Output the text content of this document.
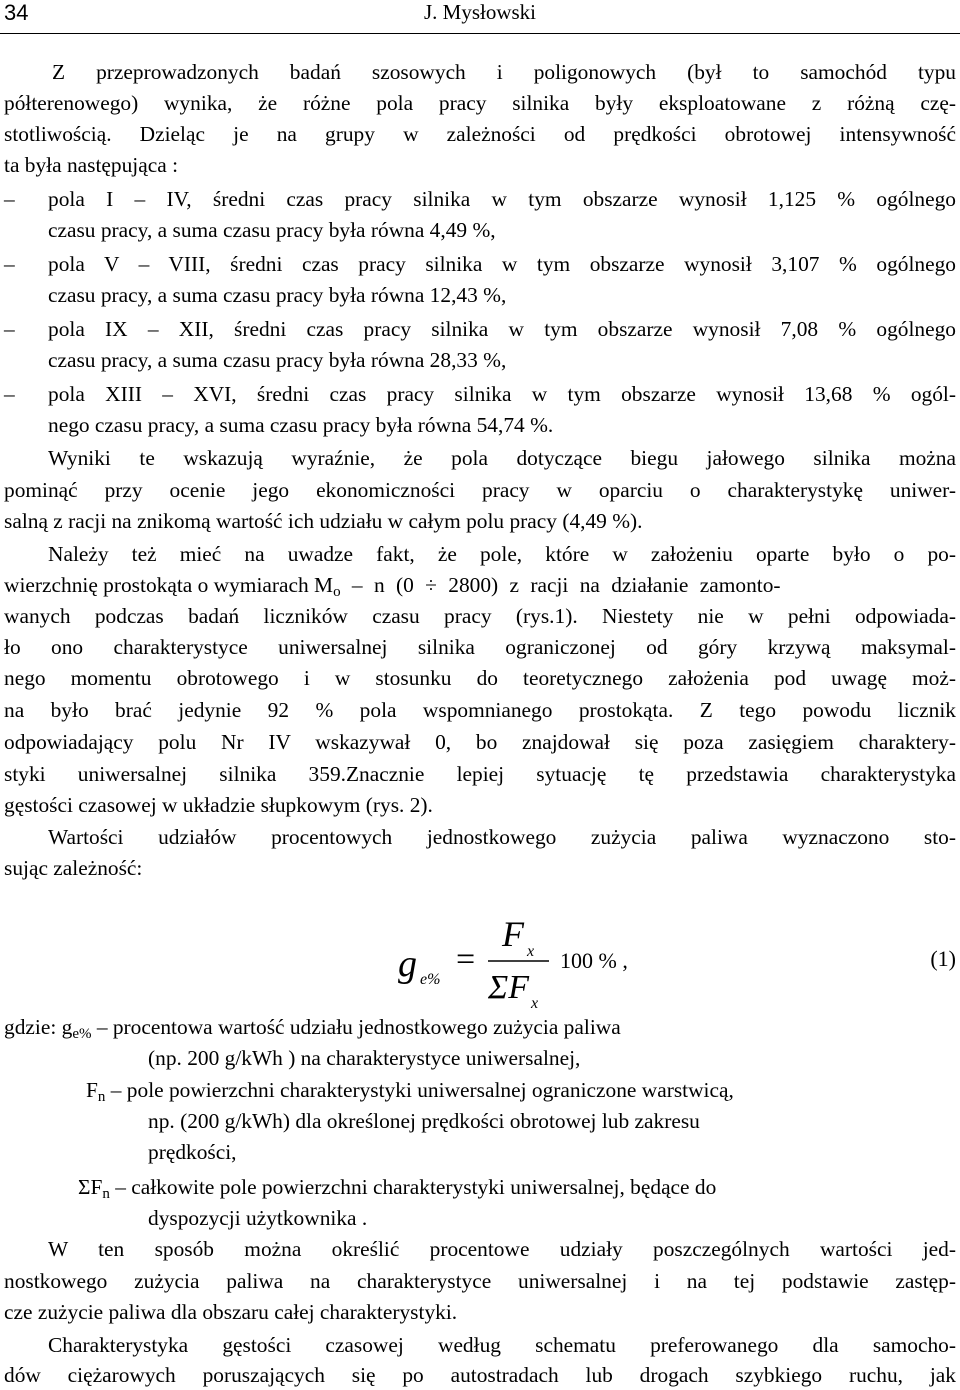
34	J. Mysłowski
Z przeprowadzonych badań szosowych i poligonowych (był to samochód typu
półterenowego) wynika, że różne pola pracy silnika były eksploatowane z różną czę-
stotliwością. Dzieląc je na grupy w zależności od prędkości obrotowej intensywność
ta była następująca :
– pola I – IV, średni czas pracy silnika w tym obszarze wynosił 1,125 % ogólnego
czasu pracy, a suma czasu pracy była równa 4,49 %,
– pola V – VIII, średni czas pracy silnika w tym obszarze wynosił 3,107 % ogólnego
czasu pracy, a suma czasu pracy była równa 12,43 %,
– pola IX – XII, średni czas pracy silnika w tym obszarze wynosił 7,08 % ogólnego
czasu pracy, a suma czasu pracy była równa 28,33 %,
– pola XIII – XVI, średni czas pracy silnika w tym obszarze wynosił 13,68 % ogól-
nego czasu pracy, a suma czasu pracy była równa 54,74 %.
Wyniki te wskazują wyraźnie, że pola dotyczące biegu jałowego silnika można
pominąć przy ocenie jego ekonomiczności pracy w oparciu o charakterystykę uniwer-
salną z racji na znikomą wartość ich udziału w całym polu pracy (4,49 %).
Należy też mieć na uwadze fakt, że pole, które w założeniu oparte było o po-
wierzchnię prostokąta o wymiarach $M_o$ – n (0 ÷ 2800) z racji na działanie zamonto-
wanych podczas badań liczników czasu pracy (rys.1). Niestety nie w pełni odpowiada-
ło ono charakterystyce uniwersalnej silnika ograniczonej od góry krzywą maksymal-
nego momentu obrotowego i w stosunku do teoretycznego założenia pod uwagę moż-
na było brać jedynie 92 % pola wspomnianego prostokąta. Z tego powodu licznik
odpowiadający polu Nr IV wskazywał 0, bo znajdował się poza zasięgiem charaktery-
styki uniwersalnej silnika 359.Znacznie lepiej sytuację tę przedstawia charakterystyka
gęstości czasowej w układzie słupkowym (rys. 2).
Wartości udziałów procentowych jednostkowego zużycia paliwa wyznaczono sto-
sując zależność:
(1)
gdzie: $g_{e\%}$ – procentowa wartość udziału jednostkowego zużycia paliwa
(np. 200 g/kWh ) na charakterystyce uniwersalnej,
$F_n$ – pole powierzchni charakterystyki uniwersalnej ograniczone warstwicą,
np. (200 g/kWh) dla określonej prędkości obrotowej lub zakresu
prędkości,
$\Sigma F_n$ – całkowite pole powierzchni charakterystyki uniwersalnej, będące do
dyspozycji użytkownika .
W ten sposób można określić procentowe udziały poszczególnych wartości jed-
nostkowego zużycia paliwa na charakterystyce uniwersalnej i na tej podstawie zastęp-
cze zużycie paliwa dla obszaru całej charakterystyki.
Charakterystyka gęstości czasowej według schematu preferowanego dla samocho-
dów ciężarowych poruszających się po autostradach lub drogach szybkiego ruchu, jak
g e%
=
F x
ΣF x
100 % ,
